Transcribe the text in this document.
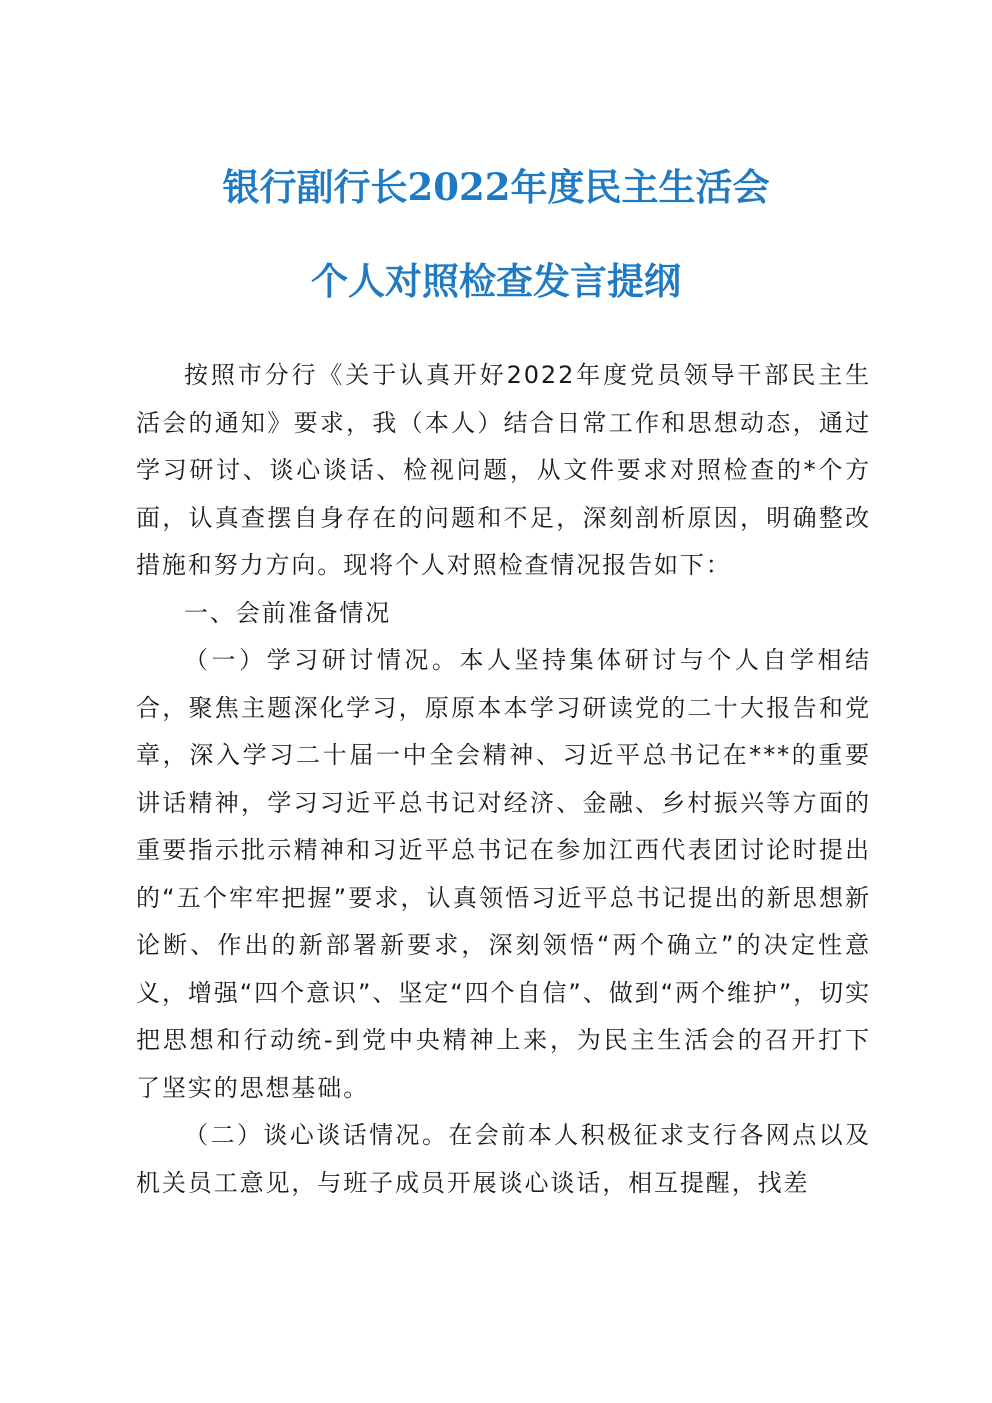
银行副行长2022年度民主生活会
个人对照检查发言提纲

按照市分行《关于认真开好2022年度党员领导干部民主生活会的通知》要求，我（本人）结合日常工作和思想动态，通过学习研讨、谈心谈话、检视问题，从文件要求对照检查的*个方面，认真查摆自身存在的问题和不足，深刻剖析原因，明确整改措施和努力方向。现将个人对照检查情况报告如下：

一、会前准备情况

（一）学习研讨情况。本人坚持集体研讨与个人自学相结合，聚焦主题深化学习，原原本本学习研读党的二十大报告和党章，深入学习二十届一中全会精神、习近平总书记在***的重要讲话精神，学习习近平总书记对经济、金融、乡村振兴等方面的重要指示批示精神和习近平总书记在参加江西代表团讨论时提出的“五个牢牢把握”要求，认真领悟习近平总书记提出的新思想新论断、作出的新部署新要求，深刻领悟“两个确立”的决定性意义，增强“四个意识”、坚定“四个自信”、做到“两个维护”，切实把思想和行动统-到党中央精神上来，为民主生活会的召开打下了坚实的思想基础。

（二）谈心谈话情况。在会前本人积极征求支行各网点以及机关员工意见，与班子成员开展谈心谈话，相互提醒，找差
